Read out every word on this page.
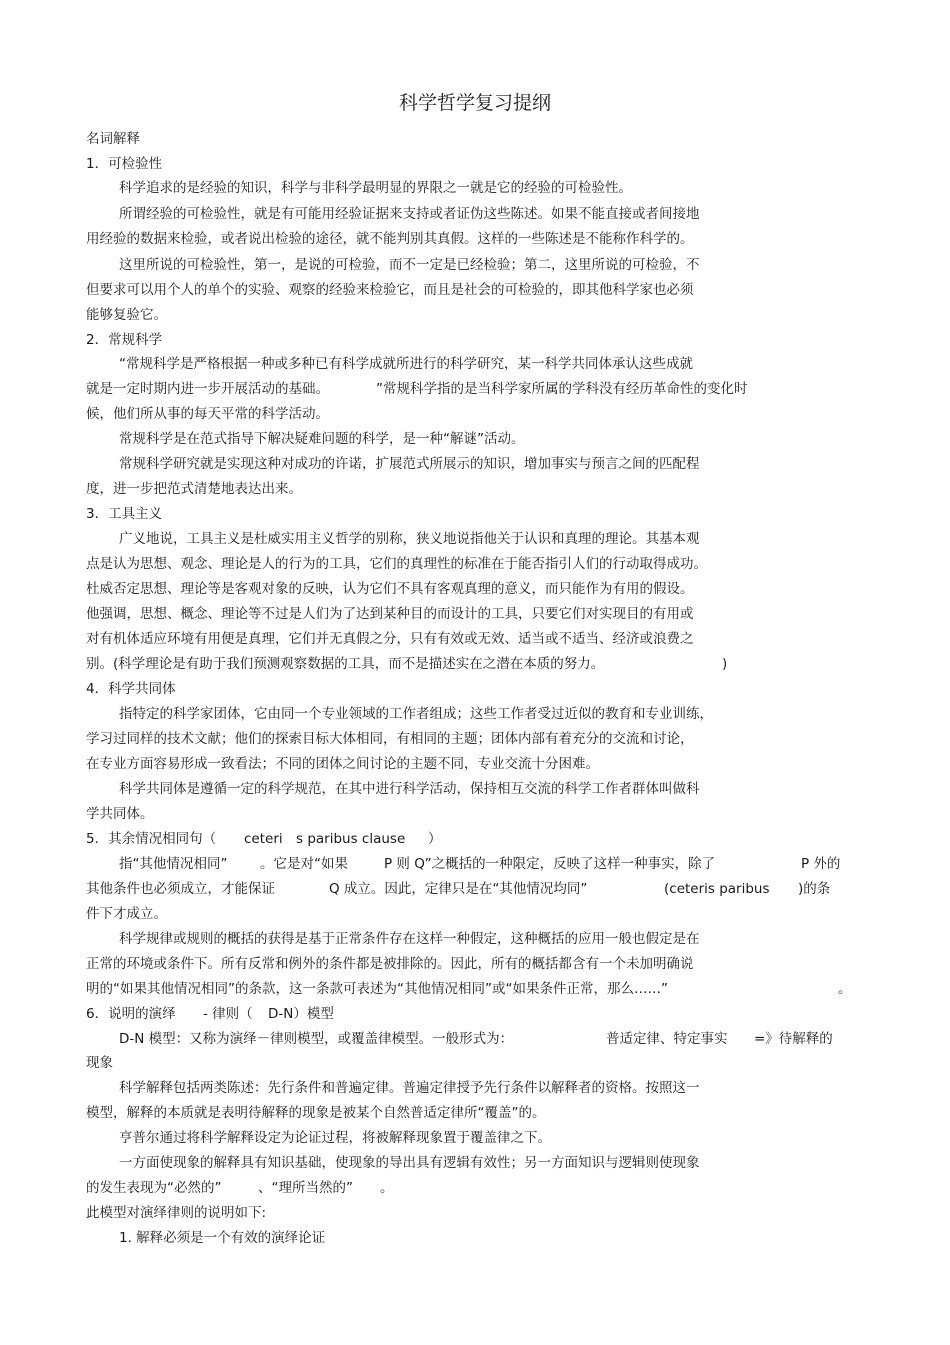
科学哲学复习提纲
名词解释
1．可检验性
科学追求的是经验的知识，科学与非科学最明显的界限之一就是它的经验的可检验性。
所谓经验的可检验性，就是有可能用经验证据来支持或者证伪这些陈述。如果不能直接或者间接地
用经验的数据来检验，或者说出检验的途径，就不能判别其真假。这样的一些陈述是不能称作科学的。
这里所说的可检验性，第一，是说的可检验，而不一定是已经检验；第二，这里所说的可检验，不
但要求可以用个人的单个的实验、观察的经验来检验它，而且是社会的可检验的，即其他科学家也必须
能够复验它。
2．常规科学
“常规科学是严格根据一种或多种已有科学成就所进行的科学研究，某一科学共同体承认这些成就
就是一定时期内进一步开展活动的基础。	”常规科学指的是当科学家所属的学科没有经历革命性的变化时
候，他们所从事的每天平常的科学活动。
常规科学是在范式指导下解决疑难问题的科学，是一种“解谜”活动。
常规科学研究就是实现这种对成功的许诺，扩展范式所展示的知识，增加事实与预言之间的匹配程
度，进一步把范式清楚地表达出来。
3．工具主义
广义地说，工具主义是杜威实用主义哲学的别称，狭义地说指他关于认识和真理的理论。其基本观
点是认为思想、观念、理论是人的行为的工具，它们的真理性的标准在于能否指引人们的行动取得成功。
杜威否定思想、理论等是客观对象的反映，认为它们不具有客观真理的意义，而只能作为有用的假设。
他强调，思想、概念、理论等不过是人们为了达到某种目的而设计的工具，只要它们对实现目的有用或
对有机体适应环境有用便是真理，它们并无真假之分，只有有效或无效、适当或不适当、经济或浪费之
别。(科学理论是有助于我们预测观察数据的工具，而不是描述实在之潜在本质的努力。	)
4．科学共同体
指特定的科学家团体，它由同一个专业领域的工作者组成；这些工作者受过近似的教育和专业训练，
学习过同样的技术文献；他们的探索目标大体相同，有相同的主题；团体内部有着充分的交流和讨论，
在专业方面容易形成一致看法；不同的团体之间讨论的主题不同，专业交流十分困难。
科学共同体是遵循一定的科学规范，在其中进行科学活动，保持相互交流的科学工作者群体叫做科
学共同体。
5．其余情况相同句（ ceteri s paribus clause ）
指“其他情况相同” 。它是对“如果	P 则 Q”之概括的一种限定，反映了这样一种事实，除了	P 外的
其他条件也必须成立，才能保证	Q 成立。因此，定律只是在“其他情况均同”	(ceteris paribus )的条
件下才成立。
科学规律或规则的概括的获得是基于正常条件存在这样一种假定，这种概括的应用一般也假定是在
正常的环境或条件下。所有反常和例外的条件都是被排除的。因此，所有的概括都含有一个未加明确说
明的“如果其他情况相同”的条款，这一条款可表述为“其他情况相同”或“如果条件正常，那么……”	。
6．说明的演绎 - 律则（ D-N）模型
D-N 模型：又称为演绎－律则模型，或覆盖律模型。一般形式为：	普适定律、特定事实 =》待解释的
现象
科学解释包括两类陈述：先行条件和普遍定律。普遍定律授予先行条件以解释者的资格。按照这一
模型，解释的本质就是表明待解释的现象是被某个自然普适定律所“覆盖”的。
亨普尔通过将科学解释设定为论证过程，将被解释现象置于覆盖律之下。
一方面使现象的解释具有知识基础，使现象的导出具有逻辑有效性；另一方面知识与逻辑则使现象
的发生表现为“必然的”	、“理所当然的” 。
此模型对演绎律则的说明如下:
1. 解释必须是一个有效的演绎论证
